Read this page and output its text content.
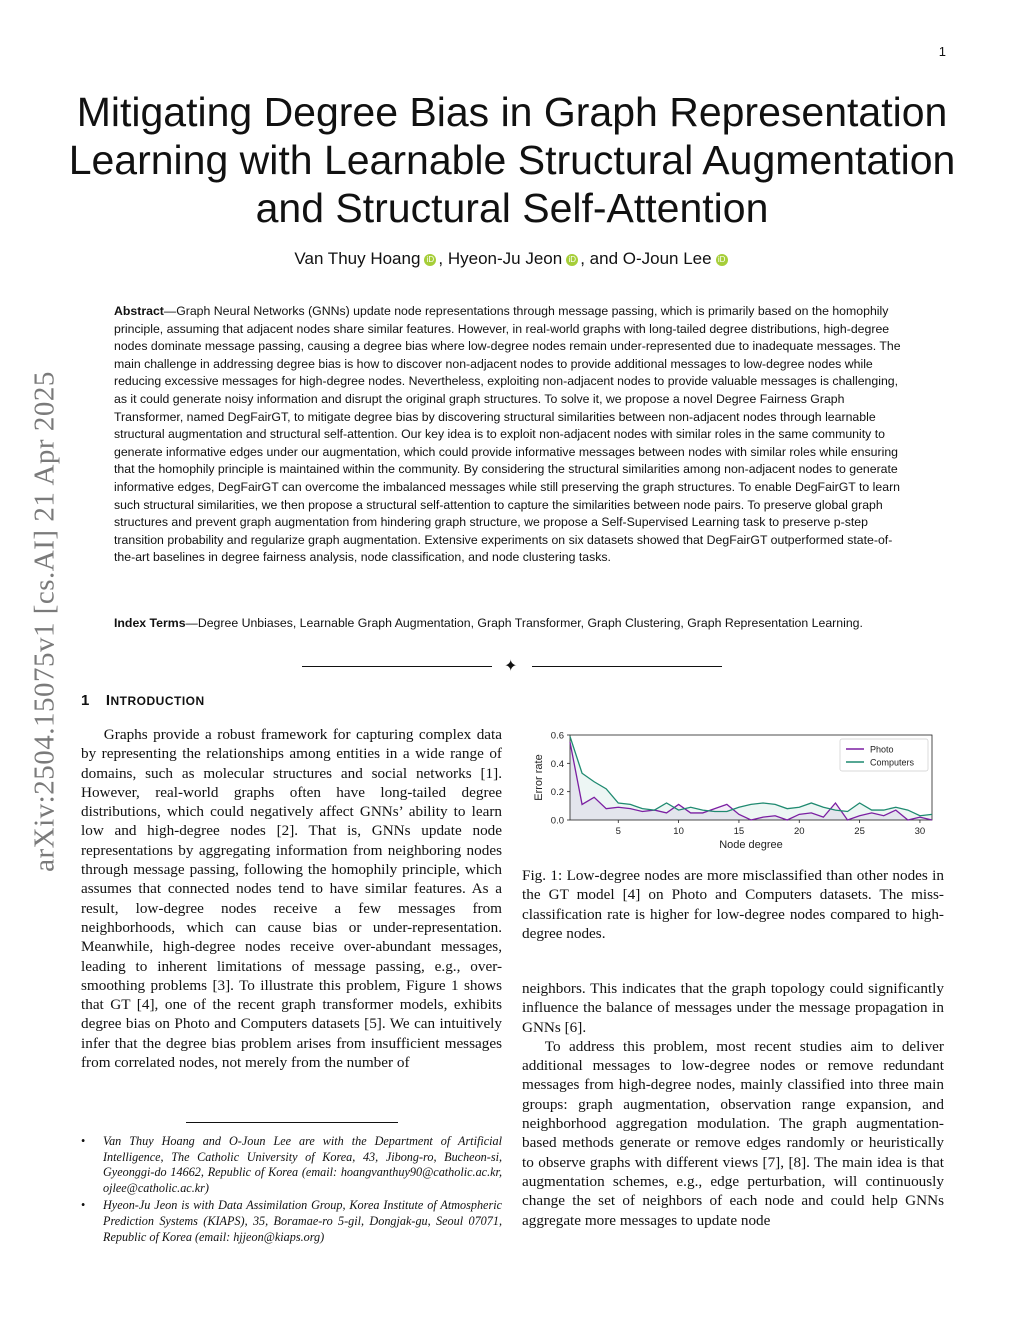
1
arXiv:2504.15075v1 [cs.AI] 21 Apr 2025
Mitigating Degree Bias in Graph Representation Learning with Learnable Structural Augmentation and Structural Self-Attention
Van Thuy Hoang iD , Hyeon-Ju Jeon iD , and O-Joun Lee iD
Abstract—Graph Neural Networks (GNNs) update node representations through message passing, which is primarily based on the homophily principle, assuming that adjacent nodes share similar features. However, in real-world graphs with long-tailed degree distributions, high-degree nodes dominate message passing, causing a degree bias where low-degree nodes remain under-represented due to inadequate messages. The main challenge in addressing degree bias is how to discover non-adjacent nodes to provide additional messages to low-degree nodes while reducing excessive messages for high-degree nodes. Nevertheless, exploiting non-adjacent nodes to provide valuable messages is challenging, as it could generate noisy information and disrupt the original graph structures. To solve it, we propose a novel Degree Fairness Graph Transformer, named DegFairGT, to mitigate degree bias by discovering structural similarities between non-adjacent nodes through learnable structural augmentation and structural self-attention. Our key idea is to exploit non-adjacent nodes with similar roles in the same community to generate informative edges under our augmentation, which could provide informative messages between nodes with similar roles while ensuring that the homophily principle is maintained within the community. By considering the structural similarities among non-adjacent nodes to generate informative edges, DegFairGT can overcome the imbalanced messages while still preserving the graph structures. To enable DegFairGT to learn such structural similarities, we then propose a structural self-attention to capture the similarities between node pairs. To preserve global graph structures and prevent graph augmentation from hindering graph structure, we propose a Self-Supervised Learning task to preserve p-step transition probability and regularize graph augmentation. Extensive experiments on six datasets showed that DegFairGT outperformed state-of-the-art baselines in degree fairness analysis, node classification, and node clustering tasks.
Index Terms—Degree Unbiases, Learnable Graph Augmentation, Graph Transformer, Graph Clustering, Graph Representation Learning.
✦
1 INTRODUCTION

Graphs provide a robust framework for capturing complex data by representing the relationships among entities in a wide range of domains, such as molecular structures and social networks [1]. However, real-world graphs often have long-tailed degree distributions, which could negatively affect GNNs’ ability to learn low and high-degree nodes [2]. That is, GNNs update node representations by aggregating information from neighboring nodes through message passing, following the homophily principle, which assumes that connected nodes tend to have similar features. As a result, low-degree nodes receive a few messages from neighborhoods, which can cause bias or under-representation. Meanwhile, high-degree nodes receive over-abundant messages, leading to inherent limitations of message passing, e.g., over-smoothing problems [3]. To illustrate this problem, Figure 1 shows that GT [4], one of the recent graph transformer models, exhibits degree bias on Photo and Computers datasets [5]. We can intuitively infer that the degree bias problem arises from insufficient messages from correlated nodes, not merely from the number of

• Van Thuy Hoang and O-Joun Lee are with the Department of Artificial Intelligence, The Catholic University of Korea, 43, Jibong-ro, Bucheon-si, Gyeonggi-do 14662, Republic of Korea (email: hoangvanthuy90@catholic.ac.kr, ojlee@catholic.ac.kr)
• Hyeon-Ju Jeon is with Data Assimilation Group, Korea Institute of Atmospheric Prediction Systems (KIAPS), 35, Boramae-ro 5-gil, Dongjak-gu, Seoul 07071, Republic of Korea (email: hjjeon@kiaps.org)
0.0
0.2
0.4
0.6
5	10	15	20	25	30
Node degree
Error rate
Photo
Computers
Fig. 1: Low-degree nodes are more misclassified than other nodes in the GT model [4] on Photo and Computers datasets. The miss-classification rate is higher for low-degree nodes compared to high-degree nodes.

neighbors. This indicates that the graph topology could significantly influence the balance of messages under the message propagation in GNNs [6].

To address this problem, most recent studies aim to deliver additional messages to low-degree nodes or remove redundant messages from high-degree nodes, mainly classified into three main groups: graph augmentation, observation range expansion, and neighborhood aggregation modulation. The graph augmentation-based methods generate or remove edges randomly or heuristically to observe graphs with different views [7], [8]. The main idea is that augmentation schemes, e.g., edge perturbation, will continuously change the set of neighbors of each node and could help GNNs aggregate more messages to update node
